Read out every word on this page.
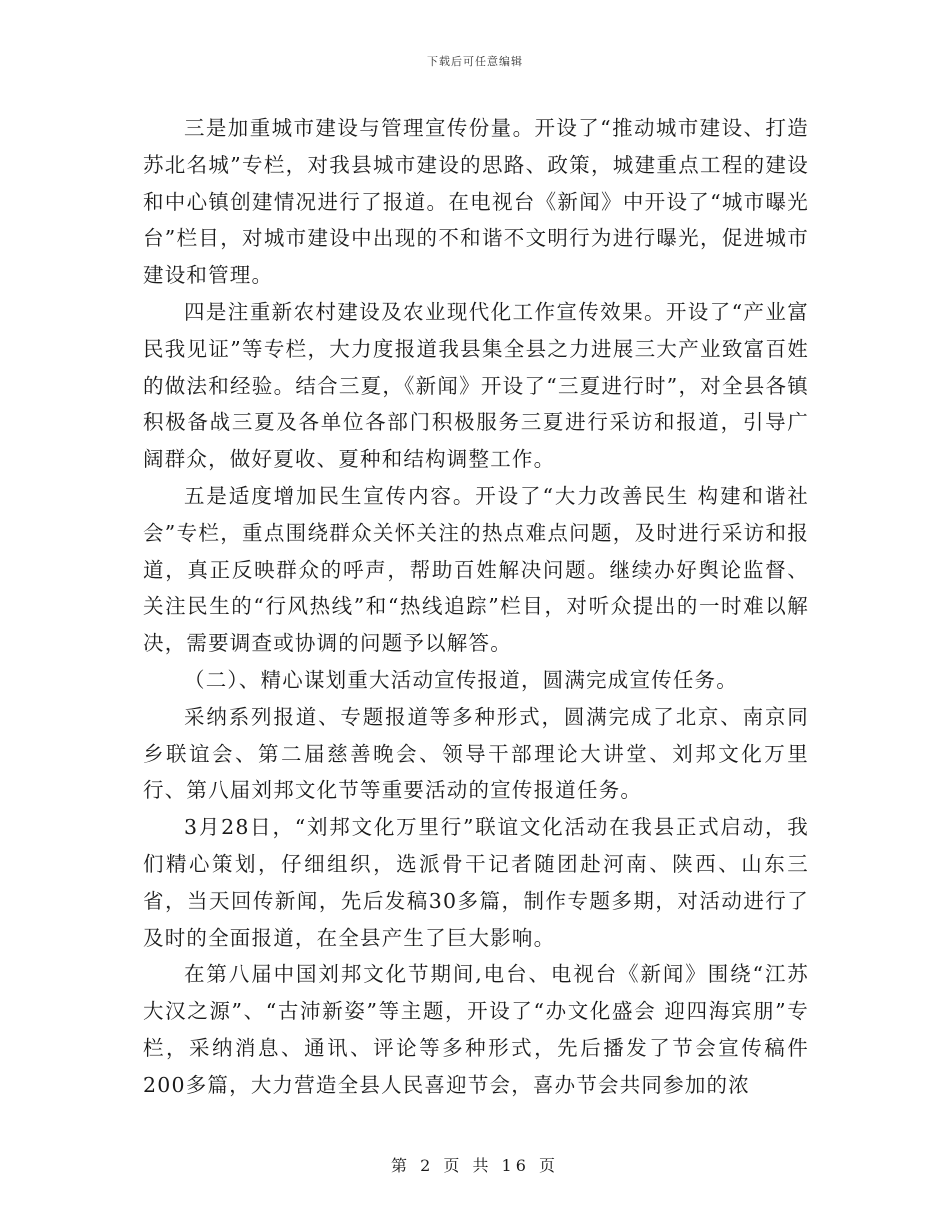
下载后可任意编辑

三是加重城市建设与管理宣传份量。开设了“推动城市建设、打造苏北名城”专栏，对我县城市建设的思路、政策，城建重点工程的建设和中心镇创建情况进行了报道。在电视台《新闻》中开设了“城市曝光台”栏目，对城市建设中出现的不和谐不文明行为进行曝光，促进城市建设和管理。

四是注重新农村建设及农业现代化工作宣传效果。开设了“产业富民我见证”等专栏，大力度报道我县集全县之力进展三大产业致富百姓的做法和经验。结合三夏，《新闻》开设了“三夏进行时”，对全县各镇积极备战三夏及各单位各部门积极服务三夏进行采访和报道，引导广阔群众，做好夏收、夏种和结构调整工作。

五是适度增加民生宣传内容。开设了“大力改善民生 构建和谐社会”专栏，重点围绕群众关怀关注的热点难点问题，及时进行采访和报道，真正反映群众的呼声，帮助百姓解决问题。继续办好舆论监督、关注民生的“行风热线”和“热线追踪”栏目，对听众提出的一时难以解决，需要调查或协调的问题予以解答。

（二）、精心谋划重大活动宣传报道，圆满完成宣传任务。

采纳系列报道、专题报道等多种形式，圆满完成了北京、南京同乡联谊会、第二届慈善晚会、领导干部理论大讲堂、刘邦文化万里行、第八届刘邦文化节等重要活动的宣传报道任务。

3月28日，“刘邦文化万里行”联谊文化活动在我县正式启动，我们精心策划，仔细组织，选派骨干记者随团赴河南、陕西、山东三省，当天回传新闻，先后发稿30多篇，制作专题多期，对活动进行了及时的全面报道，在全县产生了巨大影响。

在第八届中国刘邦文化节期间,电台、电视台《新闻》围绕“江苏大汉之源”、“古沛新姿”等主题，开设了“办文化盛会 迎四海宾朋”专栏，采纳消息、通讯、评论等多种形式，先后播发了节会宣传稿件200多篇，大力营造全县人民喜迎节会，喜办节会共同参加的浓

第 2 页 共 16 页
